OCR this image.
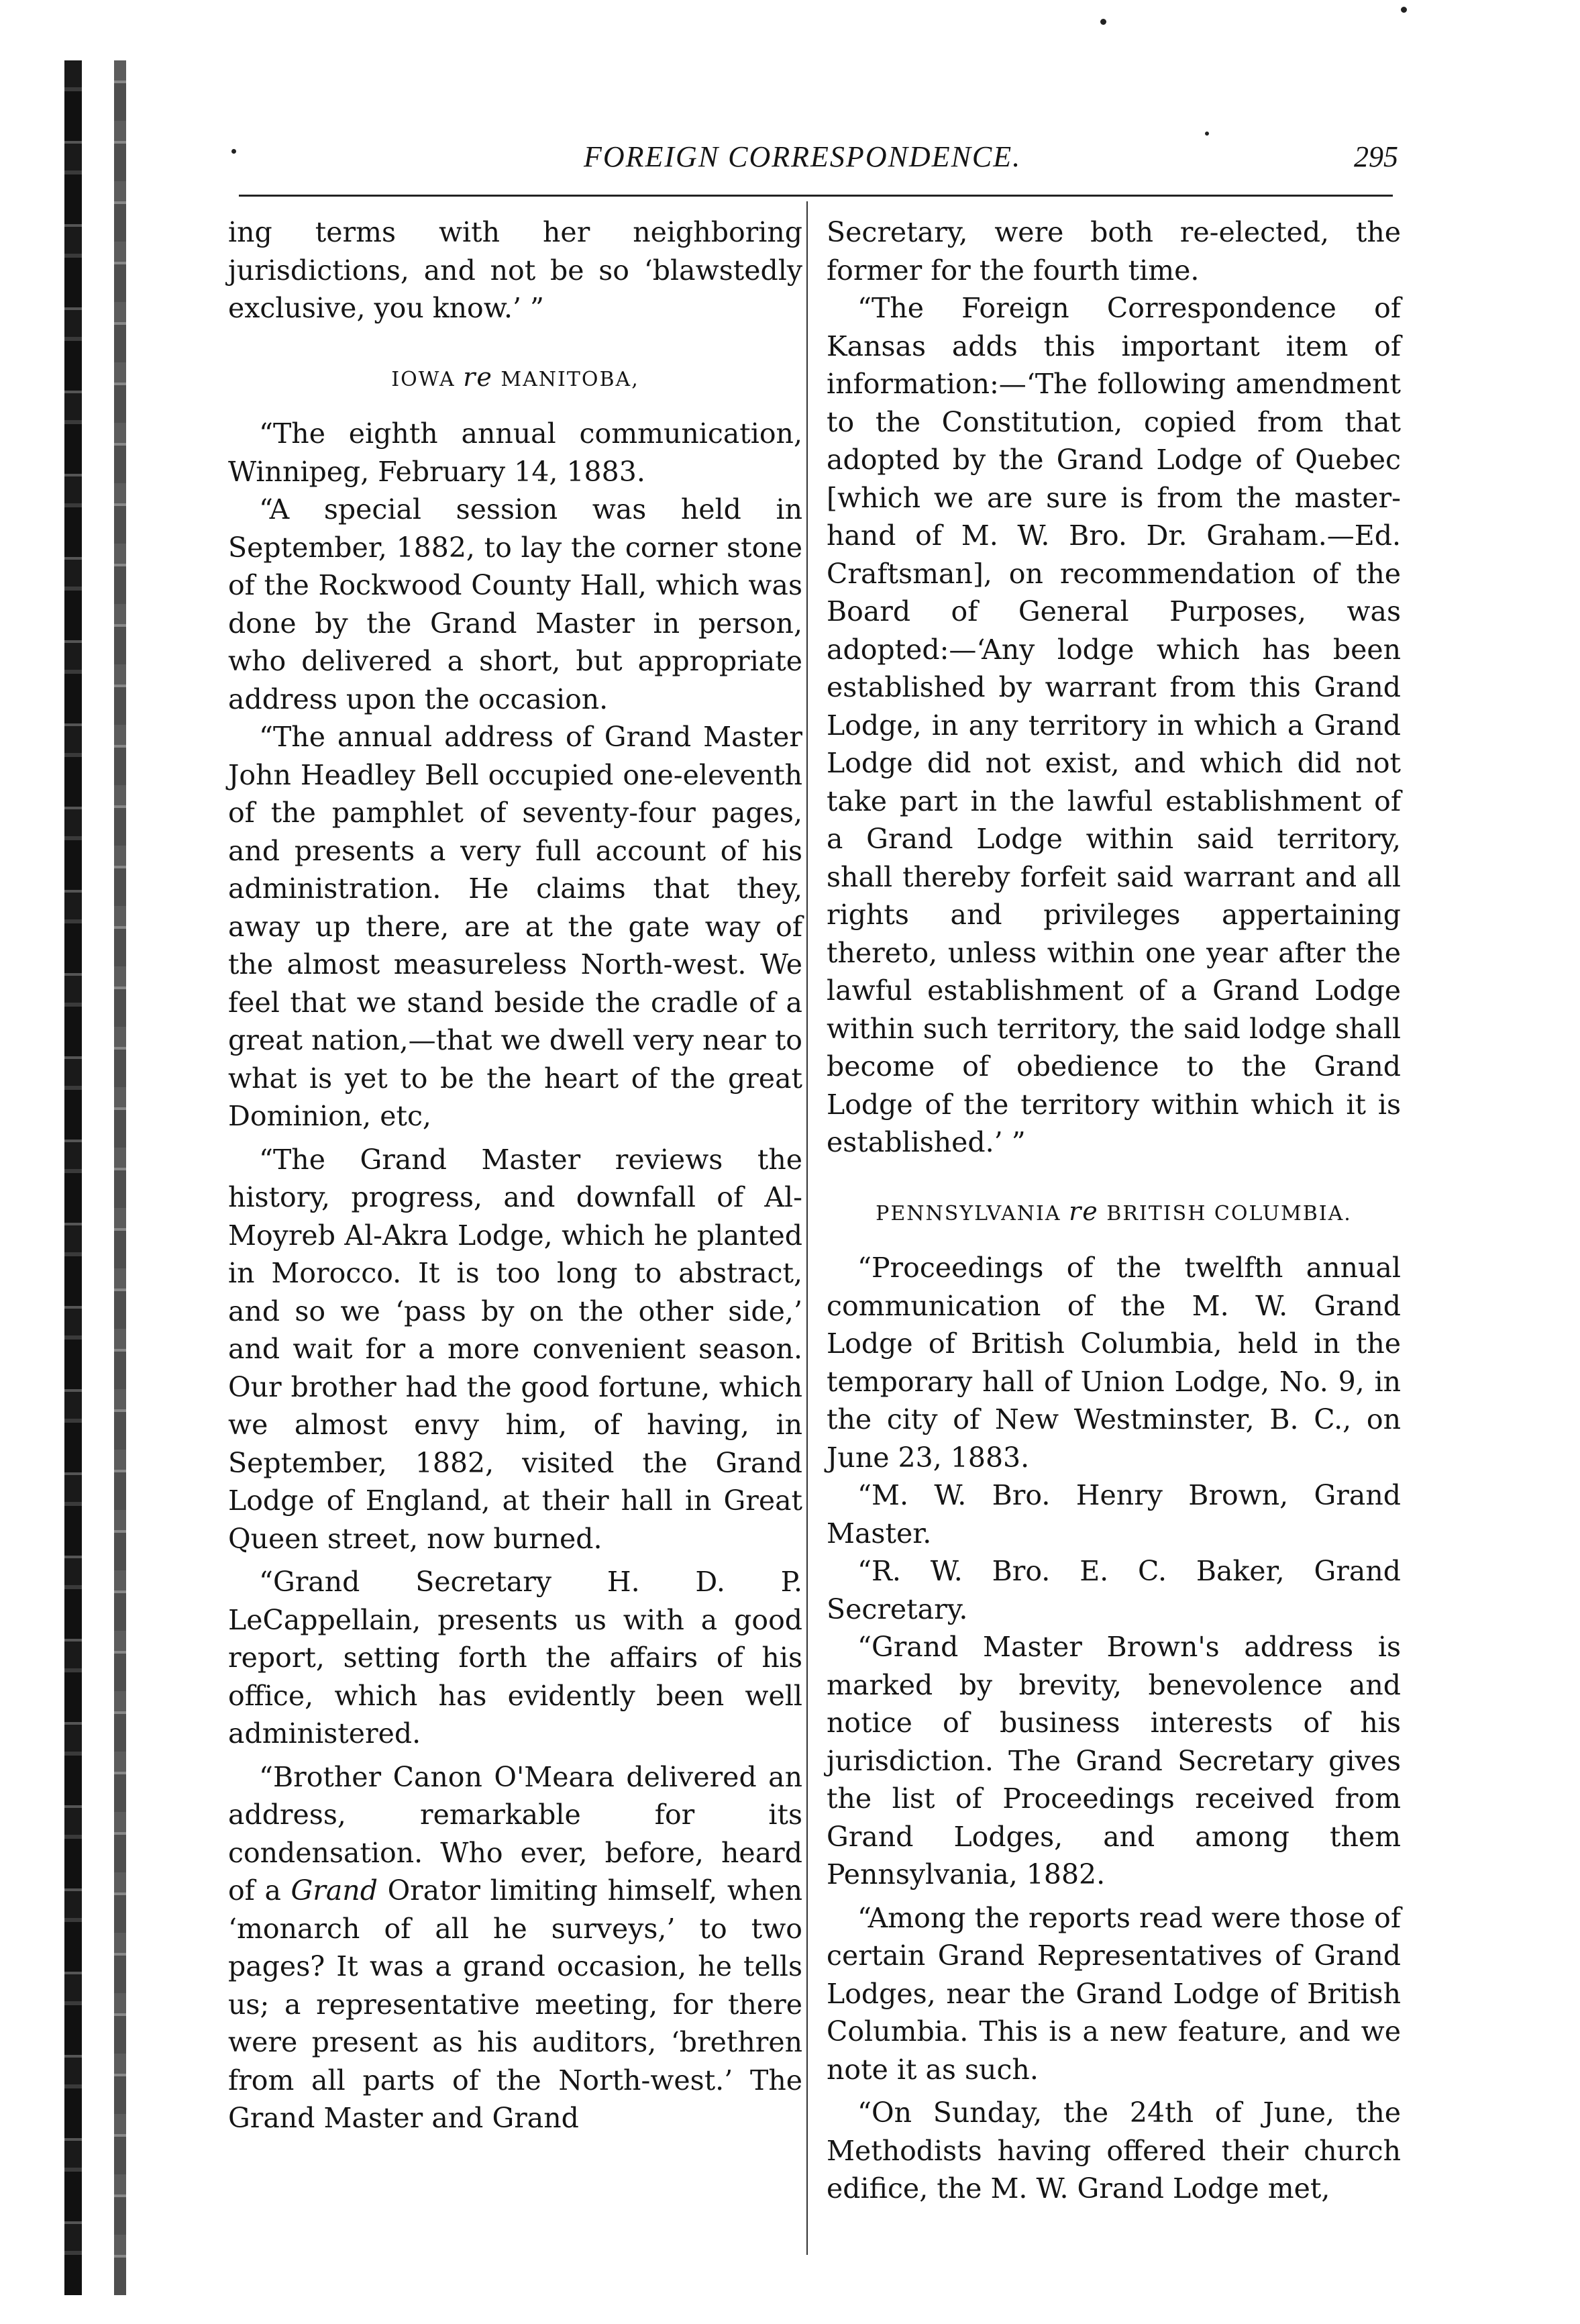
FOREIGN CORRESPONDENCE.	295

ing terms with her neighboring jurisdictions, and not be so ‘blawstedly exclusive, you know.’ ”

IOWA re MANITOBA,

“The eighth annual communication, Winnipeg, February 14, 1883.

“A special session was held in September, 1882, to lay the corner stone of the Rockwood County Hall, which was done by the Grand Master in person, who delivered a short, but appropriate address upon the occasion.

“The annual address of Grand Master John Headley Bell occupied one-eleventh of the pamphlet of seventy-four pages, and presents a very full account of his administration. He claims that they, away up there, are at the gate way of the almost measureless North-west. We feel that we stand beside the cradle of a great nation,—that we dwell very near to what is yet to be the heart of the great Dominion, etc,

“The Grand Master reviews the history, progress, and downfall of Al-Moyreb Al-Akra Lodge, which he planted in Morocco. It is too long to abstract, and so we ‘pass by on the other side,’ and wait for a more convenient season. Our brother had the good fortune, which we almost envy him, of having, in September, 1882, visited the Grand Lodge of England, at their hall in Great Queen street, now burned.

“Grand Secretary H. D. P. LeCappellain, presents us with a good report, setting forth the affairs of his office, which has evidently been well administered.

“Brother Canon O'Meara delivered an address, remarkable for its condensation. Who ever, before, heard of a Grand Orator limiting himself, when ‘monarch of all he surveys,’ to two pages? It was a grand occasion, he tells us; a representative meeting, for there were present as his auditors, ‘brethren from all parts of the North-west.’ The Grand Master and Grand

Secretary, were both re-elected, the former for the fourth time.

“The Foreign Correspondence of Kansas adds this important item of information:—‘The following amendment to the Constitution, copied from that adopted by the Grand Lodge of Quebec [which we are sure is from the master-hand of M. W. Bro. Dr. Graham.—Ed. Craftsman], on recommendation of the Board of General Purposes, was adopted:—‘Any lodge which has been established by warrant from this Grand Lodge, in any territory in which a Grand Lodge did not exist, and which did not take part in the lawful establishment of a Grand Lodge within said territory, shall thereby forfeit said warrant and all rights and privileges appertaining thereto, unless within one year after the lawful establishment of a Grand Lodge within such territory, the said lodge shall become of obedience to the Grand Lodge of the territory within which it is established.’ ”

PENNSYLVANIA re BRITISH COLUMBIA.

“Proceedings of the twelfth annual communication of the M. W. Grand Lodge of British Columbia, held in the temporary hall of Union Lodge, No. 9, in the city of New Westminster, B. C., on June 23, 1883.

“M. W. Bro. Henry Brown, Grand Master.

“R. W. Bro. E. C. Baker, Grand Secretary.

“Grand Master Brown's address is marked by brevity, benevolence and notice of business interests of his jurisdiction. The Grand Secretary gives the list of Proceedings received from Grand Lodges, and among them Pennsylvania, 1882.

“Among the reports read were those of certain Grand Representatives of Grand Lodges, near the Grand Lodge of British Columbia. This is a new feature, and we note it as such.

“On Sunday, the 24th of June, the Methodists having offered their church edifice, the M. W. Grand Lodge met,
